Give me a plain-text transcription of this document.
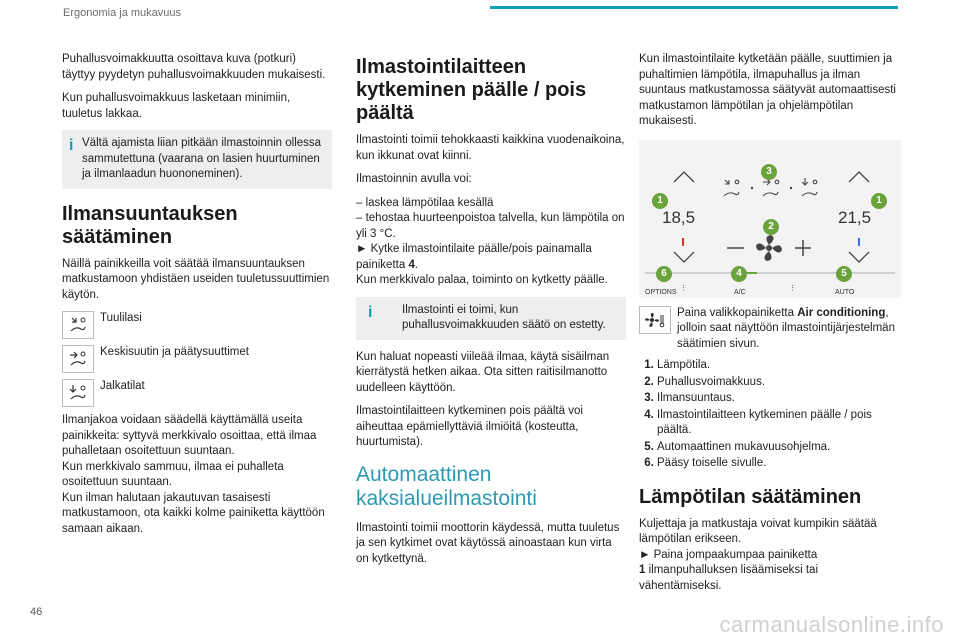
Ergonomia ja mukavuus

Puhallusvoimakkuutta osoittava kuva (potkuri) täyttyy pyydetyn puhallusvoimakkuuden mukaisesti.

Kun puhallusvoimakkuus lasketaan minimiin, tuuletus lakkaa.

i Vältä ajamista liian pitkään ilmastoinnin ollessa sammutettuna (vaarana on lasien huurtuminen ja ilmanlaadun huononeminen).
Ilmansuuntauksen säätäminen

Näillä painikkeilla voit säätää ilmansuuntauksen matkustamoon yhdistäen useiden tuuletussuuttimien käytön.

Tuulilasi
Keskisuutin ja päätysuuttimet
Jalkatilat

Ilmanjakoa voidaan säädellä käyttämällä useita painikkeita: syttyvä merkkivalo osoittaa, että ilmaa puhalletaan osoitettuun suuntaan.

Kun merkkivalo sammuu, ilmaa ei puhalleta osoitettuun suuntaan.

Kun ilman halutaan jakautuvan tasaisesti matkustamoon, ota kaikki kolme painiketta käyttöön samaan aikaan.

Ilmastointilaitteen kytkeminen päälle / pois päältä

Ilmastointi toimii tehokkaasti kaikkina vuodenaikoina, kun ikkunat ovat kiinni.

Ilmastoinnin avulla voi:

– laskea lämpötilaa kesällä
– tehostaa huurteenpoistoa talvella, kun lämpötila on yli 3 °C.

► Kytke ilmastointilaite päälle/pois painamalla painiketta 4.

Kun merkkivalo palaa, toiminto on kytketty päälle.

i	Ilmastointi ei toimi, kun puhallusvoimakkuuden säätö on estetty.

Kun haluat nopeasti viileää ilmaa, käytä sisäilman kierrätystä hetken aikaa. Ota sitten raitisilmanotto uudelleen käyttöön.

Ilmastointilaitteen kytkeminen pois päältä voi aiheuttaa epämiellyttäviä ilmiöitä (kosteutta, huurtumista).

Automaattinen kaksialueilmastointi

Ilmastointi toimii moottorin käydessä, mutta tuuletus ja sen kytkimet ovat käytössä ainoastaan kun virta on kytkettynä.

Kun ilmastointilaite kytketään päälle, suuttimien ja puhaltimien lämpötila, ilmapuhallus ja ilman suuntaus matkustamossa säätyvät automaattisesti matkustamon lämpötilan ja ohjelämpötilan mukaisesti.

⋮	⋮
18,5	21,5
OPTIONS	A/C	AUTO
1	1
2
3
4	5
6
Paina valikkopainiketta Air conditioning, jolloin saat näyttöön ilmastointijärjestelmän säätimien sivun.
1. Lämpötila.
2. Puhallusvoimakkuus.
3. Ilmansuuntaus.
4. Ilmastointilaitteen kytkeminen päälle / pois päältä.
5. Automaattinen mukavuusohjelma.
6. Pääsy toiselle sivulle.
Lämpötilan säätäminen

Kuljettaja ja matkustaja voivat kumpikin säätää lämpötilan erikseen.

► Paina jompaakumpaa painiketta
1 ilmanpuhalluksen lisäämiseksi tai vähentämiseksi.

46	carmanualsonline.info
